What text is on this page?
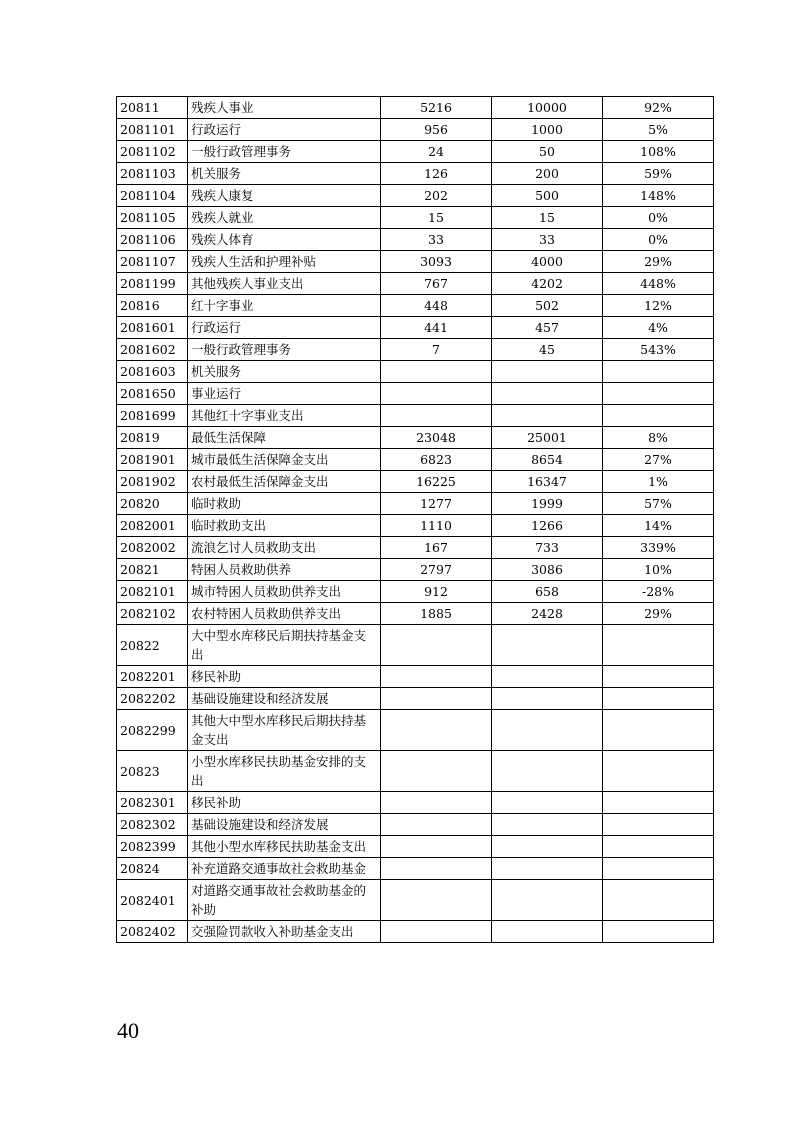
20811	残疾人事业	5216	10000	92%
2081101	行政运行	956	1000	5%
2081102	一般行政管理事务	24	50	108%
2081103	机关服务	126	200	59%
2081104	残疾人康复	202	500	148%
2081105	残疾人就业	15	15	0%
2081106	残疾人体育	33	33	0%
2081107	残疾人生活和护理补贴	3093	4000	29%
2081199	其他残疾人事业支出	767	4202	448%
20816	红十字事业	448	502	12%
2081601	行政运行	441	457	4%
2081602	一般行政管理事务	7	45	543%
2081603	机关服务			
2081650	事业运行			
2081699	其他红十字事业支出			
20819	最低生活保障	23048	25001	8%
2081901	城市最低生活保障金支出	6823	8654	27%
2081902	农村最低生活保障金支出	16225	16347	1%
20820	临时救助	1277	1999	57%
2082001	临时救助支出	1110	1266	14%
2082002	流浪乞讨人员救助支出	167	733	339%
20821	特困人员救助供养	2797	3086	10%
2082101	城市特困人员救助供养支出	912	658	-28%
2082102	农村特困人员救助供养支出	1885	2428	29%
20822	大中型水库移民后期扶持基金支出			
2082201	移民补助			
2082202	基础设施建设和经济发展			
2082299	其他大中型水库移民后期扶持基金支出			
20823	小型水库移民扶助基金安排的支出			
2082301	移民补助			
2082302	基础设施建设和经济发展			
2082399	其他小型水库移民扶助基金支出			
20824	补充道路交通事故社会救助基金			
2082401	对道路交通事故社会救助基金的补助			
2082402	交强险罚款收入补助基金支出			
40
